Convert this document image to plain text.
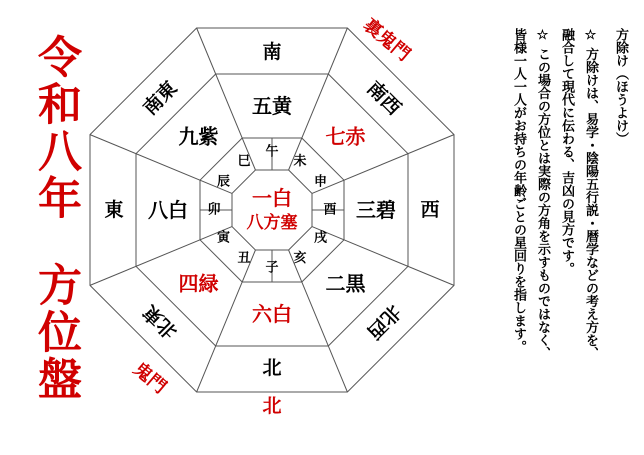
令和八年
方位盤
一白
八方塞
午
未
申
酉
戌
亥
子
丑
寅
卯
辰
巳
五黄
七赤
三碧
二黒
六白
四緑
八白
九紫
南
南西
西
北西
北
北東
東
南東
裏鬼門
鬼門
北

方除け（ほうよけ）

☆ 方除けは、易学・陰陽五行説・暦学などの考え方を、

融合して現代に伝わる、吉凶の見方です。

☆ この場合の方位とは実際の方角を示すものではなく、

皆様一人一人がお持ちの年齢ごとの星回りを指します。
